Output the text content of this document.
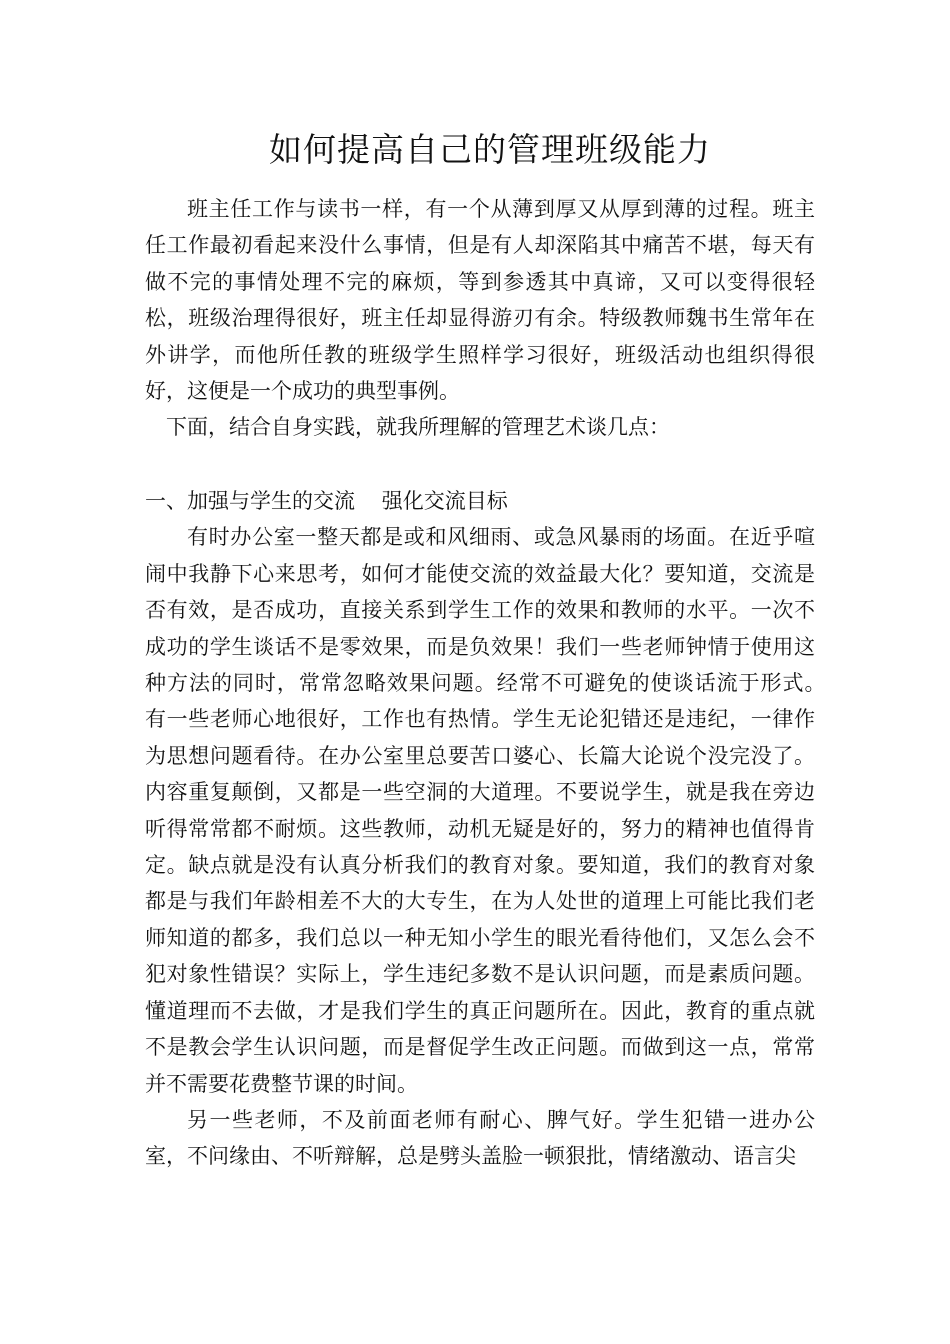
如何提高自己的管理班级能力

班主任工作与读书一样，有一个从薄到厚又从厚到薄的过程。班主任工作最初看起来没什么事情，但是有人却深陷其中痛苦不堪，每天有做不完的事情处理不完的麻烦，等到参透其中真谛，又可以变得很轻松，班级治理得很好，班主任却显得游刃有余。特级教师魏书生常年在外讲学，而他所任教的班级学生照样学习很好，班级活动也组织得很好，这便是一个成功的典型事例。

下面，结合自身实践，就我所理解的管理艺术谈几点：

一、加强与学生的交流    强化交流目标

有时办公室一整天都是或和风细雨、或急风暴雨的场面。在近乎喧闹中我静下心来思考，如何才能使交流的效益最大化？要知道，交流是否有效，是否成功，直接关系到学生工作的效果和教师的水平。一次不成功的学生谈话不是零效果，而是负效果！我们一些老师钟情于使用这种方法的同时，常常忽略效果问题。经常不可避免的使谈话流于形式。　　有一些老师心地很好，工作也有热情。学生无论犯错还是违纪，一律作为思想问题看待。在办公室里总要苦口婆心、长篇大论说个没完没了。内容重复颠倒，又都是一些空洞的大道理。不要说学生，就是我在旁边听得常常都不耐烦。这些教师，动机无疑是好的，努力的精神也值得肯定。缺点就是没有认真分析我们的教育对象。要知道，我们的教育对象都是与我们年龄相差不大的大专生，在为人处世的道理上可能比我们老师知道的都多，我们总以一种无知小学生的眼光看待他们，又怎么会不犯对象性错误？实际上，学生违纪多数不是认识问题，而是素质问题。懂道理而不去做，才是我们学生的真正问题所在。因此，教育的重点就不是教会学生认识问题，而是督促学生改正问题。而做到这一点，常常并不需要花费整节课的时间。

另一些老师，不及前面老师有耐心、脾气好。学生犯错一进办公室，不问缘由、不听辩解，总是劈头盖脸一顿狠批，情绪激动、语言尖
